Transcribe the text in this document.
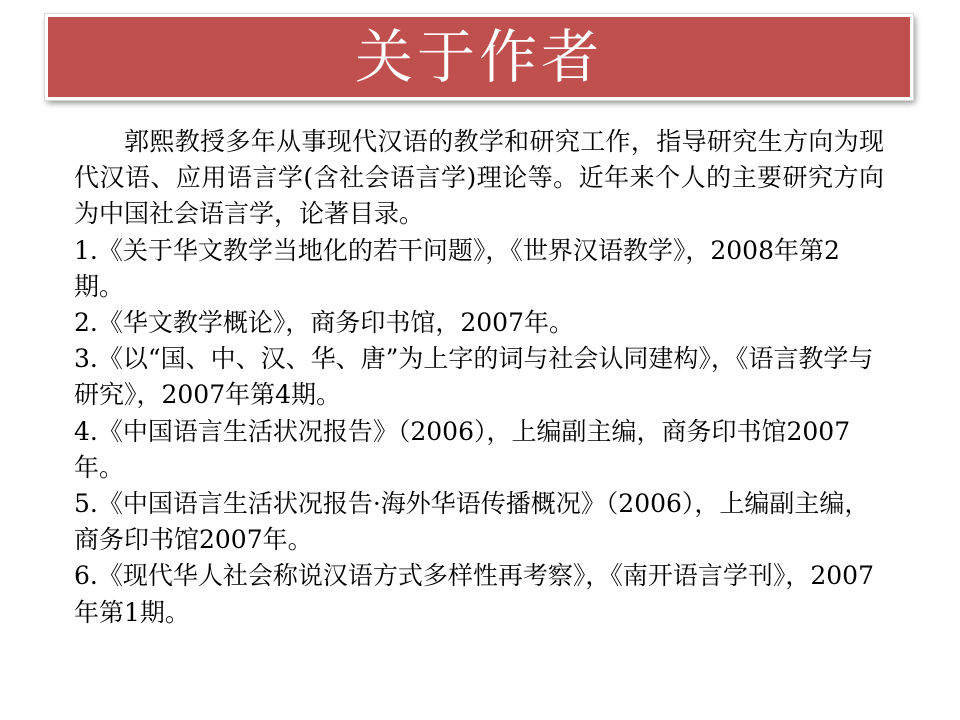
关于作者

郭熙教授多年从事现代汉语的教学和研究工作，指导研究生方向为现代汉语、应用语言学(含社会语言学)理论等。近年来个人的主要研究方向为中国社会语言学，论著目录。

1.《关于华文教学当地化的若干问题》，《世界汉语教学》，2008年第2期。

2.《华文教学概论》，商务印书馆，2007年。

3.《以“国、中、汉、华、唐”为上字的词与社会认同建构》，《语言教学与研究》，2007年第4期。

4.《中国语言生活状况报告》（2006），上编副主编，商务印书馆2007年。

5.《中国语言生活状况报告·海外华语传播概况》（2006），上编副主编，商务印书馆2007年。

6.《现代华人社会称说汉语方式多样性再考察》，《南开语言学刊》，2007年第1期。
